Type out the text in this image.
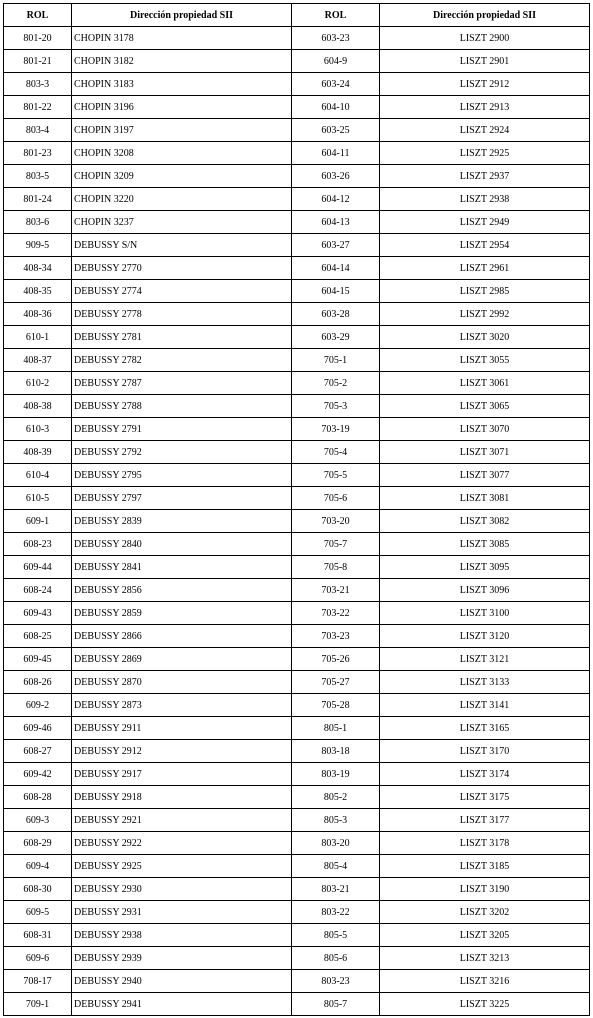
ROL	Dirección propiedad SII	ROL	Dirección propiedad SII
801-20	CHOPIN 3178	603-23	LISZT 2900
801-21	CHOPIN 3182	604-9	LISZT 2901
803-3	CHOPIN 3183	603-24	LISZT 2912
801-22	CHOPIN 3196	604-10	LISZT 2913
803-4	CHOPIN 3197	603-25	LISZT 2924
801-23	CHOPIN 3208	604-11	LISZT 2925
803-5	CHOPIN 3209	603-26	LISZT 2937
801-24	CHOPIN 3220	604-12	LISZT 2938
803-6	CHOPIN 3237	604-13	LISZT 2949
909-5	DEBUSSY S/N	603-27	LISZT 2954
408-34	DEBUSSY 2770	604-14	LISZT 2961
408-35	DEBUSSY 2774	604-15	LISZT 2985
408-36	DEBUSSY 2778	603-28	LISZT 2992
610-1	DEBUSSY 2781	603-29	LISZT 3020
408-37	DEBUSSY 2782	705-1	LISZT 3055
610-2	DEBUSSY 2787	705-2	LISZT 3061
408-38	DEBUSSY 2788	705-3	LISZT 3065
610-3	DEBUSSY 2791	703-19	LISZT 3070
408-39	DEBUSSY 2792	705-4	LISZT 3071
610-4	DEBUSSY 2795	705-5	LISZT 3077
610-5	DEBUSSY 2797	705-6	LISZT 3081
609-1	DEBUSSY 2839	703-20	LISZT 3082
608-23	DEBUSSY 2840	705-7	LISZT 3085
609-44	DEBUSSY 2841	705-8	LISZT 3095
608-24	DEBUSSY 2856	703-21	LISZT 3096
609-43	DEBUSSY 2859	703-22	LISZT 3100
608-25	DEBUSSY 2866	703-23	LISZT 3120
609-45	DEBUSSY 2869	705-26	LISZT 3121
608-26	DEBUSSY 2870	705-27	LISZT 3133
609-2	DEBUSSY 2873	705-28	LISZT 3141
609-46	DEBUSSY 2911	805-1	LISZT 3165
608-27	DEBUSSY 2912	803-18	LISZT 3170
609-42	DEBUSSY 2917	803-19	LISZT 3174
608-28	DEBUSSY 2918	805-2	LISZT 3175
609-3	DEBUSSY 2921	805-3	LISZT 3177
608-29	DEBUSSY 2922	803-20	LISZT 3178
609-4	DEBUSSY 2925	805-4	LISZT 3185
608-30	DEBUSSY 2930	803-21	LISZT 3190
609-5	DEBUSSY 2931	803-22	LISZT 3202
608-31	DEBUSSY 2938	805-5	LISZT 3205
609-6	DEBUSSY 2939	805-6	LISZT 3213
708-17	DEBUSSY 2940	803-23	LISZT 3216
709-1	DEBUSSY 2941	805-7	LISZT 3225
